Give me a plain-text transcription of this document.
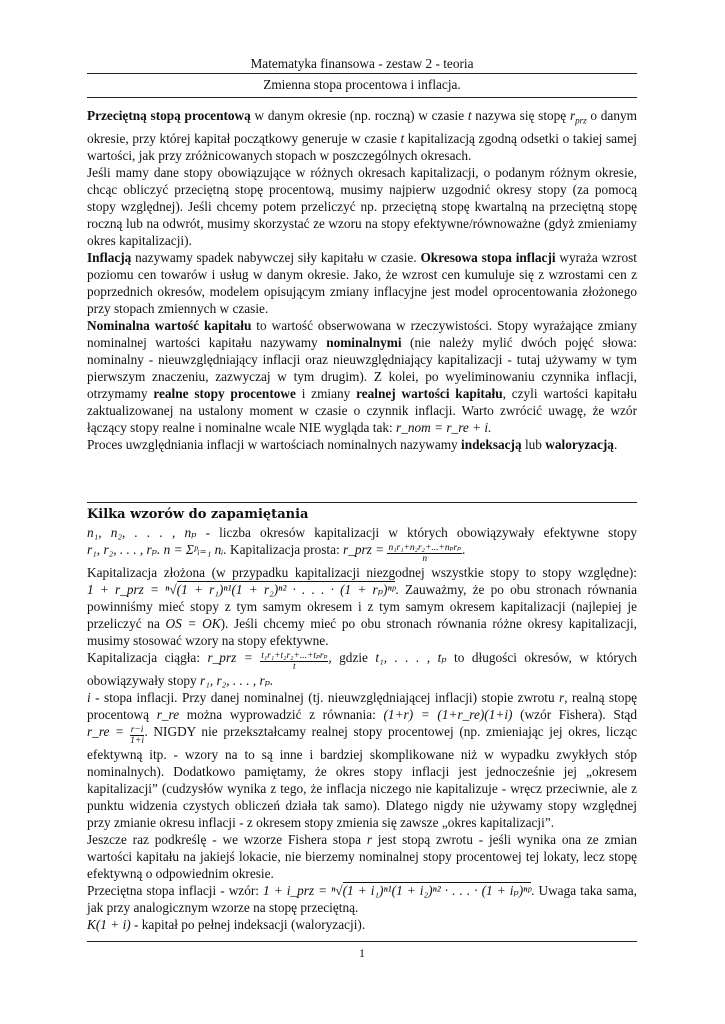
Matematyka finansowa - zestaw 2 - teoria
Zmienna stopa procentowa i inflacja.

Przeciętną stopą procentową w danym okresie (np. roczną) w czasie t nazywa się stopę $r_{prz}$ o danym okresie, przy której kapitał początkowy generuje w czasie t kapitalizacją zgodną odsetki o takiej samej wartości, jak przy zróżnicowanych stopach w poszczególnych okresach.

Jeśli mamy dane stopy obowiązujące w różnych okresach kapitalizacji, o podanym różnym okresie, chcąc obliczyć przeciętną stopę procentową, musimy najpierw uzgodnić okresy stopy (za pomocą stopy względnej). Jeśli chcemy potem przeliczyć np. przeciętną stopę kwartalną na przeciętną stopę roczną lub na odwrót, musimy skorzystać ze wzoru na stopy efektywne/równoważne (gdyż zmieniamy okres kapitalizacji).

Inflacją nazywamy spadek nabywczej siły kapitału w czasie. Okresowa stopa inflacji wyraża wzrost poziomu cen towarów i usług w danym okresie. Jako, że wzrost cen kumuluje się z wzrostami cen z poprzednich okresów, modelem opisującym zmiany inflacyjne jest model oprocentowania złożonego przy stopach zmiennych w czasie.

Nominalna wartość kapitału to wartość obserwowana w rzeczywistości. Stopy wyrażające zmiany nominalnej wartości kapitału nazywamy nominalnymi (nie należy mylić dwóch pojęć słowa: nominalny - nieuwzględniający inflacji oraz nieuwzględniający kapitalizacji - tutaj używamy w tym pierwszym znaczeniu, zazwyczaj w tym drugim). Z kolei, po wyeliminowaniu czynnika inflacji, otrzymamy realne stopy procentowe i zmiany realnej wartości kapitału, czyli wartości kapitału zaktualizowanej na ustalony moment w czasie o czynnik inflacji. Warto zwrócić uwagę, że wzór łączący stopy realne i nominalne wcale NIE wygląda tak: r_nom = r_re + i.

Proces uwzględniania inflacji w wartościach nominalnych nazywamy indeksacją lub waloryzacją.

Kilka wzorów do zapamiętania

n₁, n₂, . . . , nₚ - liczba okresów kapitalizacji w których obowiązywały efektywne stopy r₁, r₂, . . . , rₚ. n = Σᵖᵢ₌₁ nᵢ. Kapitalizacja prosta: r_prz = $\frac{\text{n₁r₁+n₂r₂+...+nₚrₚ}}{n}$ .

Kapitalizacja złożona (w przypadku kapitalizacji niezgodnej wszystkie stopy to stopy względne): 1 + r_prz = ⁿ√(1 + r₁)ⁿ¹(1 + r₂)ⁿ² · . . . · (1 + rₚ)ⁿᵖ. Zauważmy, że po obu stronach równania powinniśmy mieć stopy z tym samym okresem i z tym samym okresem kapitalizacji (najlepiej je przeliczyć na OS = OK). Jeśli chcemy mieć po obu stronach równania różne okresy kapitalizacji, musimy stosować wzory na stopy efektywne.

Kapitalizacja ciągła: r_prz = $\frac{\text{t₁r₁+t₂r₂+...+tₚrₚ}}{t}$ , gdzie t₁, . . . , tₚ to długości okresów, w których obowiązywały stopy r₁, r₂, . . . , rₚ.

i - stopa inflacji. Przy danej nominalnej (tj. nieuwzględniającej inflacji) stopie zwrotu r, realną stopę procentową r_re można wyprowadzić z równania: (1+r) = (1+r_re)(1+i) (wzór Fishera). Stąd r_re = $\frac{r-i}{1+i}$ . NIGDY nie przekształcamy realnej stopy procentowej (np. zmieniając jej okres, licząc efektywną itp. - wzory na to są inne i bardziej skomplikowane niż w wypadku zwykłych stóp nominalnych). Dodatkowo pamiętamy, że okres stopy inflacji jest jednocześnie jej „okresem kapitalizacji” (cudzysłów wynika z tego, że inflacja niczego nie kapitalizuje - wręcz przeciwnie, ale z punktu widzenia czystych obliczeń działa tak samo). Dlatego nigdy nie używamy stopy względnej przy zmianie okresu inflacji - z okresem stopy zmienia się zawsze „okres kapitalizacji”.

Jeszcze raz podkreślę - we wzorze Fishera stopa r jest stopą zwrotu - jeśli wynika ona ze zmian wartości kapitału na jakiejś lokacie, nie bierzemy nominalnej stopy procentowej tej lokaty, lecz stopę efektywną o odpowiednim okresie.

Przeciętna stopa inflacji - wzór: 1 + i_prz = ⁿ√(1 + i₁)ⁿ¹(1 + i₂)ⁿ² · . . . · (1 + iₚ)ⁿᵖ. Uwaga taka sama, jak przy analogicznym wzorze na stopę przeciętną.

K(1 + i) - kapitał po pełnej indeksacji (waloryzacji).

1
